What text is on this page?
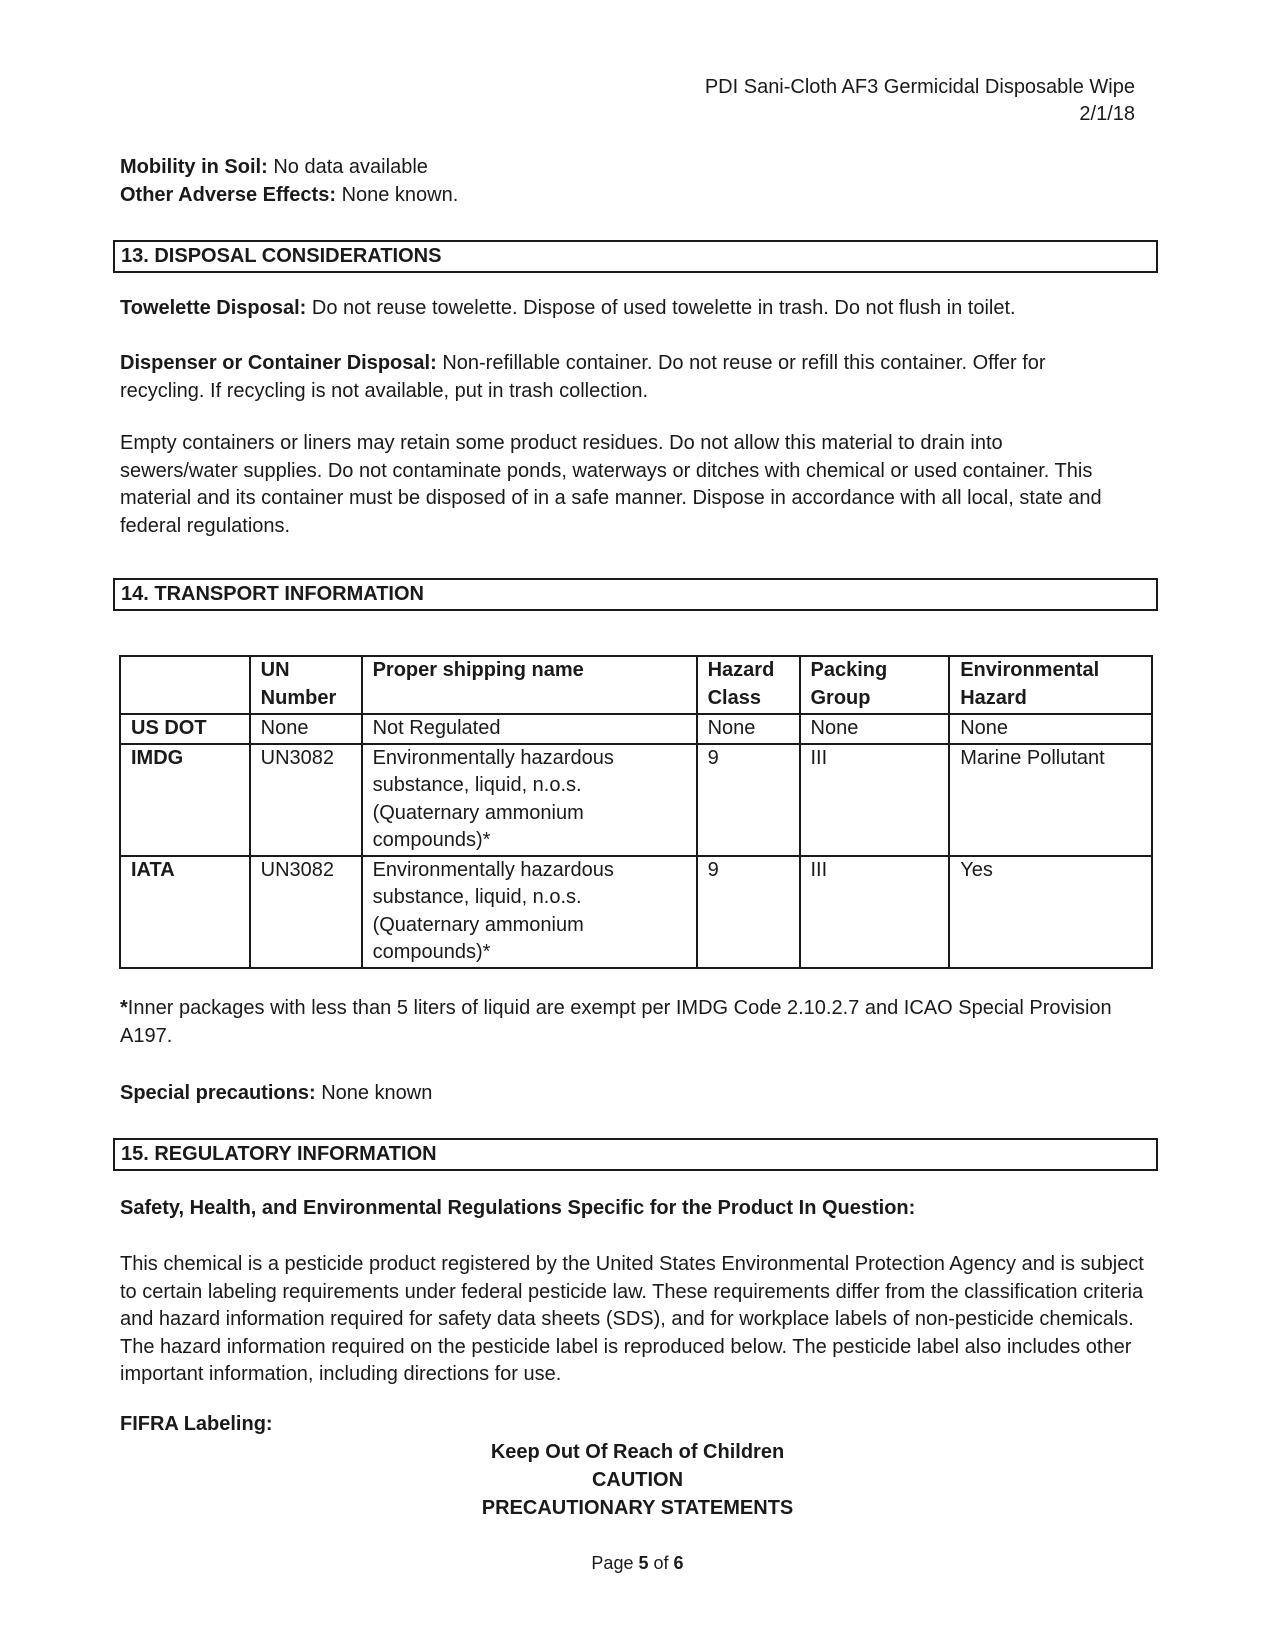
PDI Sani-Cloth AF3 Germicidal Disposable Wipe
2/1/18

Mobility in Soil: No data available
Other Adverse Effects: None known.

13. DISPOSAL CONSIDERATIONS

Towelette Disposal: Do not reuse towelette. Dispose of used towelette in trash. Do not flush in toilet.

Dispenser or Container Disposal: Non-refillable container. Do not reuse or refill this container. Offer for recycling. If recycling is not available, put in trash collection.

Empty containers or liners may retain some product residues. Do not allow this material to drain into sewers/water supplies. Do not contaminate ponds, waterways or ditches with chemical or used container. This material and its container must be disposed of in a safe manner. Dispose in accordance with all local, state and federal regulations.

14. TRANSPORT INFORMATION
	UN Number	Proper shipping name	Hazard Class	Packing Group	Environmental Hazard
US DOT	None	Not Regulated	None	None	None
IMDG	UN3082	Environmentally hazardous substance, liquid, n.o.s. (Quaternary ammonium compounds)*	9	III	Marine Pollutant
IATA	UN3082	Environmentally hazardous substance, liquid, n.o.s. (Quaternary ammonium compounds)*	9	III	Yes

*Inner packages with less than 5 liters of liquid are exempt per IMDG Code 2.10.2.7 and ICAO Special Provision A197.

Special precautions: None known

15. REGULATORY INFORMATION

Safety, Health, and Environmental Regulations Specific for the Product In Question:

This chemical is a pesticide product registered by the United States Environmental Protection Agency and is subject to certain labeling requirements under federal pesticide law. These requirements differ from the classification criteria and hazard information required for safety data sheets (SDS), and for workplace labels of non-pesticide chemicals. The hazard information required on the pesticide label is reproduced below. The pesticide label also includes other important information, including directions for use.

FIFRA Labeling:

Keep Out Of Reach of Children
CAUTION
PRECAUTIONARY STATEMENTS
Page 5 of 6
